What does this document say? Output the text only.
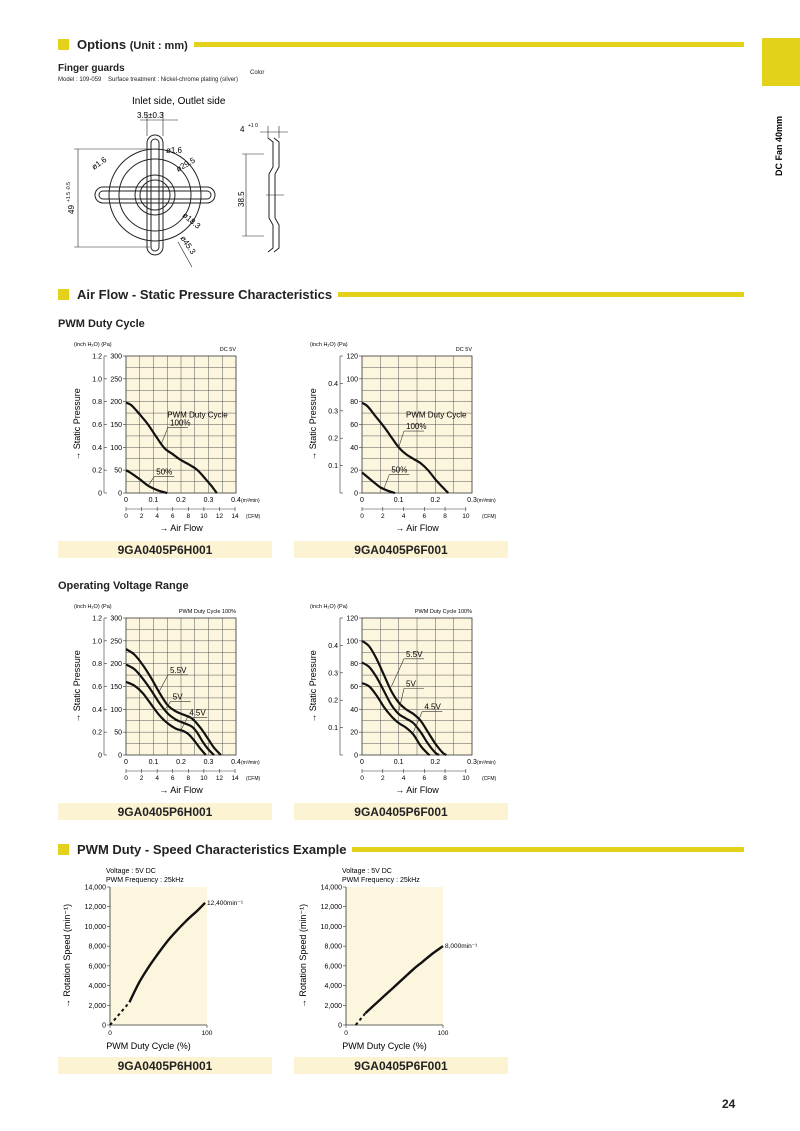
DC Fan 40mm
Options (Unit : mm)
Finger guards
Model : 109-059 Surface treatment : Nickel-chrome plating (silver)
Color
Inlet side, Outlet side
3.5±0.3
ø1.6
ø1.6	ø29.5
ø18.3
ø45.3
49
+1.5 -0.5	38.5
4 +1 0
Air Flow - Static Pressure Characteristics
PWM Duty Cycle
Operating Voltage Range
(inch H₂O) (Pa)
DC 5V
0
50
100
150
200
250
300
0
0.2
0.4
0.6
0.8
1.0
1.2
0	0.1	0.2	0.3	0.4 (m³/min)
0 2 4 6 8 10 12 14 (CFM)
→ Air Flow
→ Static Pressure	100%
50%
PWM Duty Cycle
(inch H₂O) (Pa)
DC 5V
0
20
40
60
80
100
120
0.1
0.2
0.3
0.4
0	0.1	0.2	0.3 (m³/min)
0	2	4	6	8 10	(CFM)
→ Air Flow
→ Static Pressure	100%
50%
PWM Duty Cycle
9GA0405P6H001	9GA0405P6F001
(inch H₂O) (Pa)
PWM Duty Cycle 100%
0
50
100
150
200
250
300
0
0.2
0.4
0.6
0.8
1.0
1.2
0	0.1	0.2	0.3	0.4 (m³/min)
0 2 4 6 8 10 12 14 (CFM)
→ Air Flow
→ Static Pressure	5.5V
5V
4.5V
(inch H₂O) (Pa)
PWM Duty Cycle 100%
0
20
40
60
80
100
120
0.1
0.2
0.3
0.4
0	0.1	0.2	0.3 (m³/min)
0	2	4	6	8 10	(CFM)
→ Air Flow
→ Static Pressure	5.5V
5V
4.5V
9GA0405P6H001	9GA0405P6F001
PWM Duty - Speed Characteristics Example
Voltage : 5V DC
PWM Frequency : 25kHz
0
2,000
4,000
6,000
8,000
10,000
12,000
14,000
0	100
PWM Duty Cycle (%)
→ Rotation Speed (min⁻¹)
12,400min⁻¹
Voltage : 5V DC
PWM Frequency : 25kHz
0
2,000
4,000
6,000
8,000
10,000
12,000
14,000
0	100
PWM Duty Cycle (%)
→ Rotation Speed (min⁻¹)	8,000min⁻¹
9GA0405P6H001	9GA0405P6F001
24
